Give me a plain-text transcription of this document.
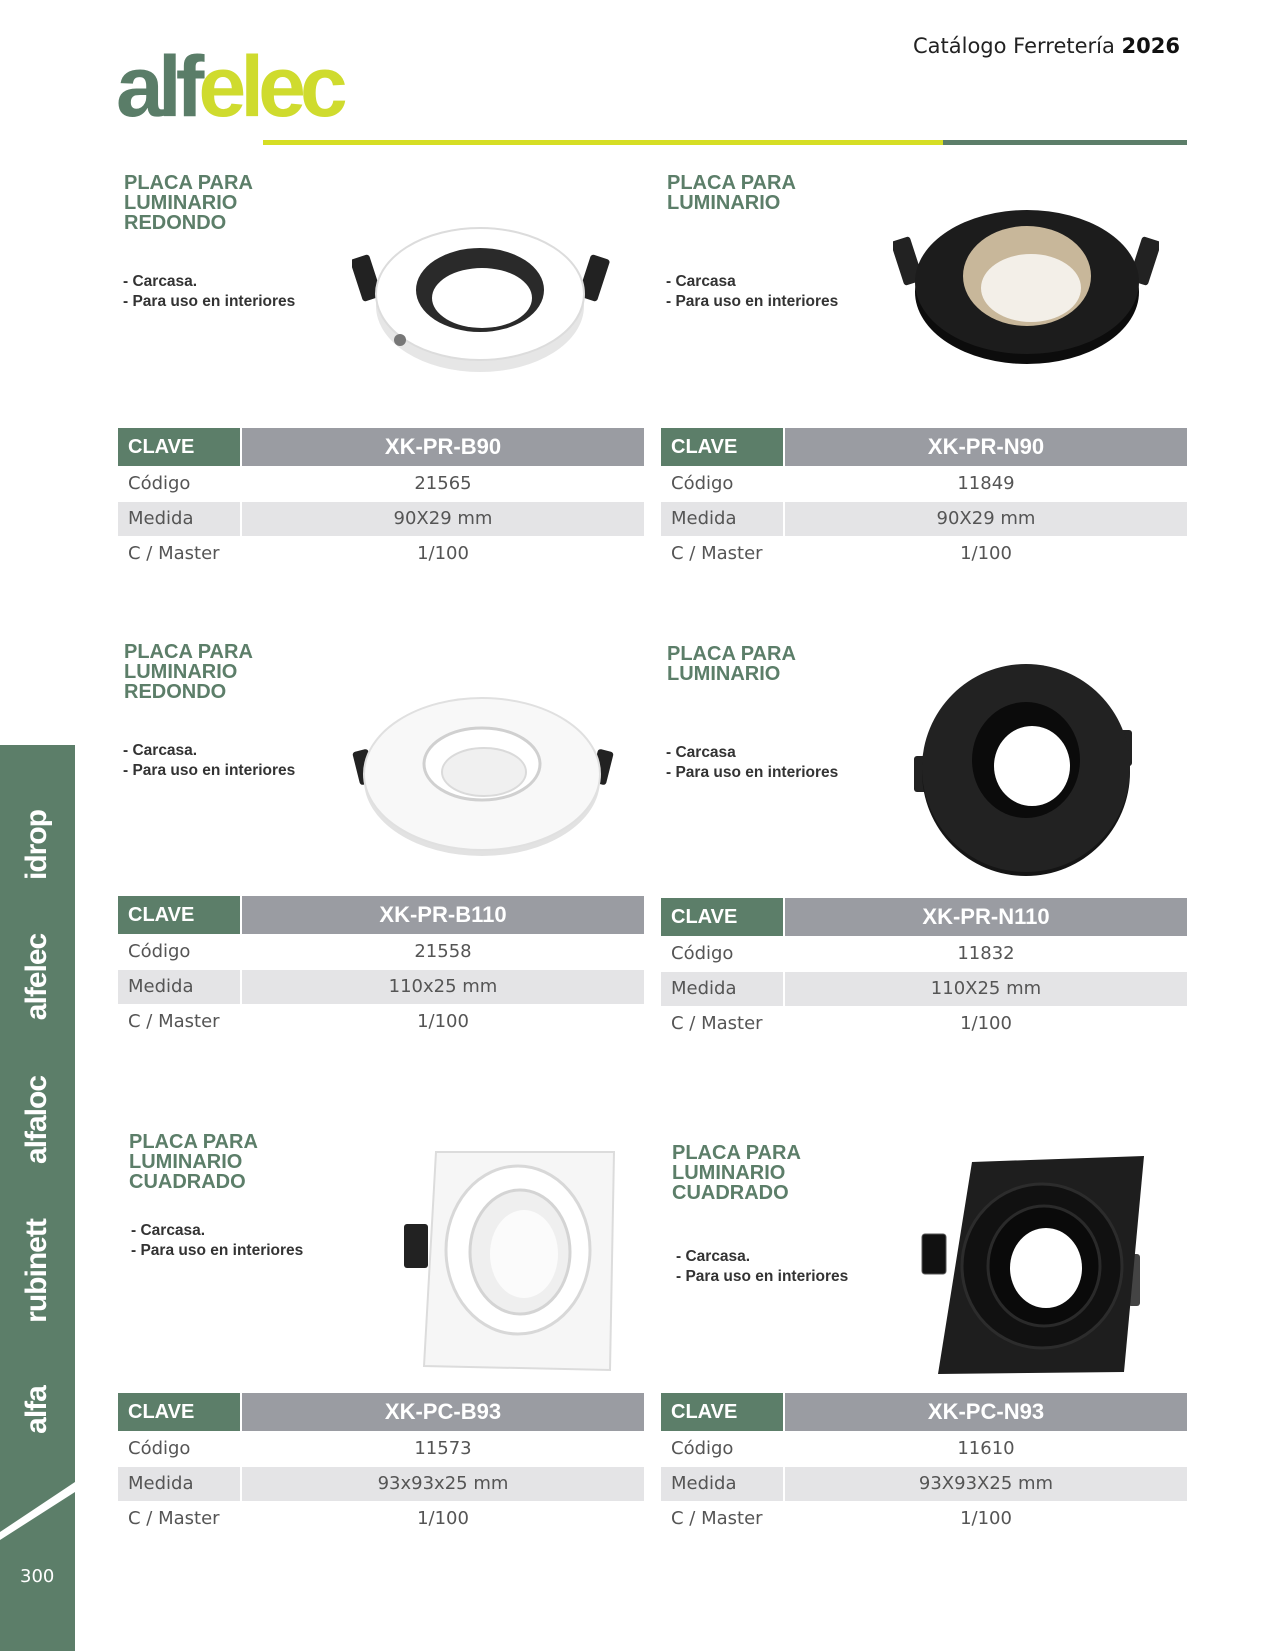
Catálogo Ferretería 2026
alfelec
idrop
alfelec
alfaloc
rubinett
alfa
300
PLACA PARA
LUMINARIO
REDONDO
- Carcasa.
- Para uso en interiores
CLAVE	XK-PR-B90
Código	21565
Medida	90X29 mm
C / Master	1/100
PLACA PARA
LUMINARIO
- Carcasa
- Para uso en interiores
CLAVE	XK-PR-N90
Código	11849
Medida	90X29 mm
C / Master	1/100
PLACA PARA
LUMINARIO
REDONDO
- Carcasa.
- Para uso en interiores
CLAVE	XK-PR-B110
Código	21558
Medida	110x25 mm
C / Master	1/100
PLACA PARA
LUMINARIO
- Carcasa
- Para uso en interiores
CLAVE	XK-PR-N110
Código	11832
Medida	110X25 mm
C / Master	1/100
PLACA PARA
LUMINARIO
CUADRADO
- Carcasa.
- Para uso en interiores
CLAVE	XK-PC-B93
Código	11573
Medida	93x93x25 mm
C / Master	1/100
PLACA PARA
LUMINARIO
CUADRADO
- Carcasa.
- Para uso en interiores
CLAVE	XK-PC-N93
Código	11610
Medida	93X93X25 mm
C / Master	1/100
